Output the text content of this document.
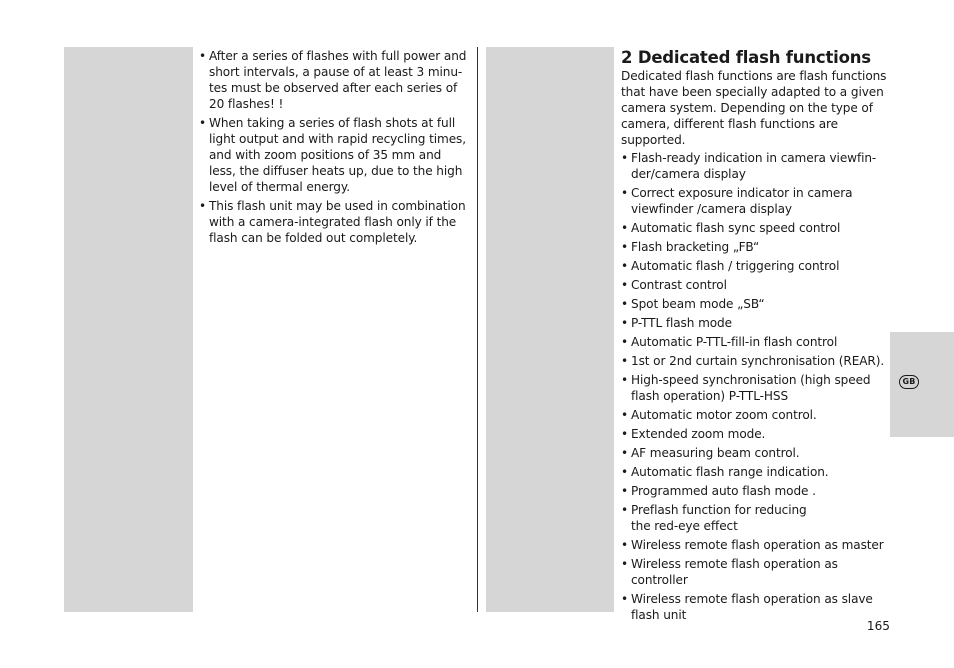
• After a series of flashes with full power and
short intervals, a pause of at least 3 minu-
tes must be observed after each series of
20 flashes! !
• When taking a series of flash shots at full
light output and with rapid recycling times,
and with zoom positions of 35 mm and
less, the diffuser heats up, due to the high
level of thermal energy.
• This flash unit may be used in combination
with a camera-integrated flash only if the
flash can be folded out completely.
2 Dedicated flash functions

Dedicated flash functions are flash functions
that have been specially adapted to a given
camera system. Depending on the type of
camera, different flash functions are supported.

• Flash-ready indication in camera viewfin-
der/camera display
• Correct exposure indicator in camera
viewfinder /camera display
• Automatic flash sync speed control
• Flash bracketing „FB“
• Automatic flash / triggering control
• Contrast control
• Spot beam mode „SB“
• P-TTL flash mode
• Automatic P-TTL-fill-in flash control
• 1st or 2nd curtain synchronisation (REAR).
• High-speed synchronisation (high speed
flash operation) P-TTL-HSS
• Automatic motor zoom control.
• Extended zoom mode.
• AF measuring beam control.
• Automatic flash range indication.
• Programmed auto flash mode .
• Preflash function for reducing
the red-eye effect
• Wireless remote flash operation as master
• Wireless remote flash operation as
controller
• Wireless remote flash operation as slave
flash unit
GB
165
